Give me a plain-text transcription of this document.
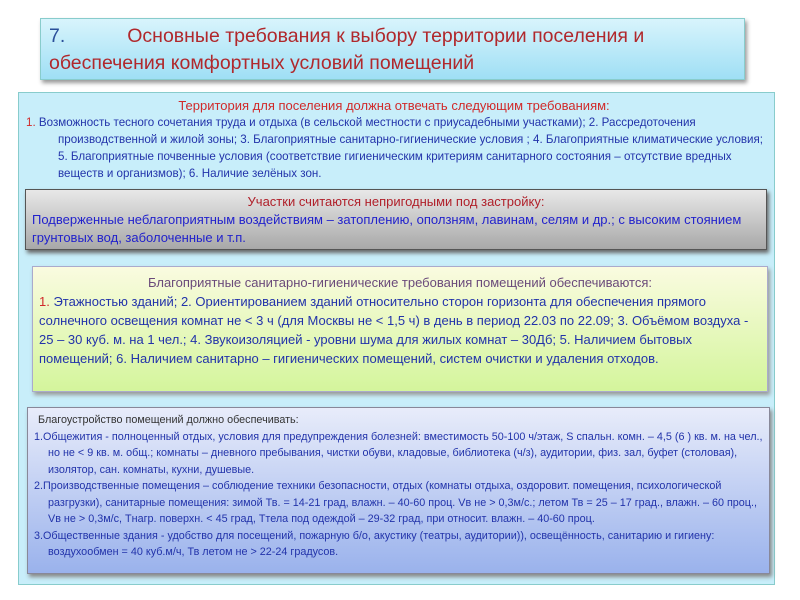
7.	Основные требования к выбору территории поселения и обеспечения комфортных условий помещений
Территория для поселения должна отвечать следующим требованиям:
1. Возможность тесного сочетания труда и отдыха (в сельской местности с приусадебными участками); 2. Рассредоточения производственной и жилой зоны; 3. Благоприятные санитарно-гигиенические условия ; 4. Благоприятные климатические условия; 5. Благоприятные почвенные условия (соответствие гигиеническим критериям санитарного состояния – отсутствие вредных веществ и организмов); 6. Наличие зелёных зон.
Участки считаются непригодными под застройку:
Подверженные неблагоприятным воздействиям – затоплению, оползням, лавинам, селям и др.; с высоким стоянием грунтовых вод, заболоченные и т.п.
Благоприятные санитарно-гигиенические требования помещений обеспечиваются:
1. Этажностью зданий; 2. Ориентированием зданий относительно сторон горизонта для обеспечения прямого солнечного освещения комнат не < 3 ч (для Москвы не < 1,5 ч) в день в период 22.03 по 22.09; 3. Объёмом воздуха - 25 – 30 куб. м. на 1 чел.; 4. Звукоизоляцией - уровни шума для жилых комнат – 30Дб; 5. Наличием бытовых помещений; 6. Наличием санитарно – гигиенических помещений, систем очистки и удаления отходов.
Благоустройство помещений должно обеспечивать:
1.Общежития - полноценный отдых, условия для предупреждения болезней: вместимость 50-100 ч/этаж, S спальн. комн. – 4,5 (6 ) кв. м. на чел., но не < 9 кв. м. общ.; комнаты – дневного пребывания, чистки обуви, кладовые, библиотека (ч/з), аудитории, физ. зал, буфет (столовая), изолятор, сан. комнаты, кухни, душевые.
2.Производственные помещения – соблюдение техники безопасности, отдых (комнаты отдыха, оздоровит. помещения, психологической разгрузки), санитарные помещения: зимой Тв. = 14-21 град, влажн. – 40-60 проц. Vв не > 0,3м/с.; летом Тв = 25 – 17 град., влажн. – 60 проц., Vв не > 0,3м/с, Тнагр. поверхн. < 45 град, Ттела под одеждой – 29-32 град, при относит. влажн. – 40-60 проц.
3.Общественные здания - удобство для посещений, пожарную б/о, акустику (театры, аудитории)), освещённость, санитарию и гигиену: воздухообмен = 40 куб.м/ч, Тв летом не > 22-24 градусов.
